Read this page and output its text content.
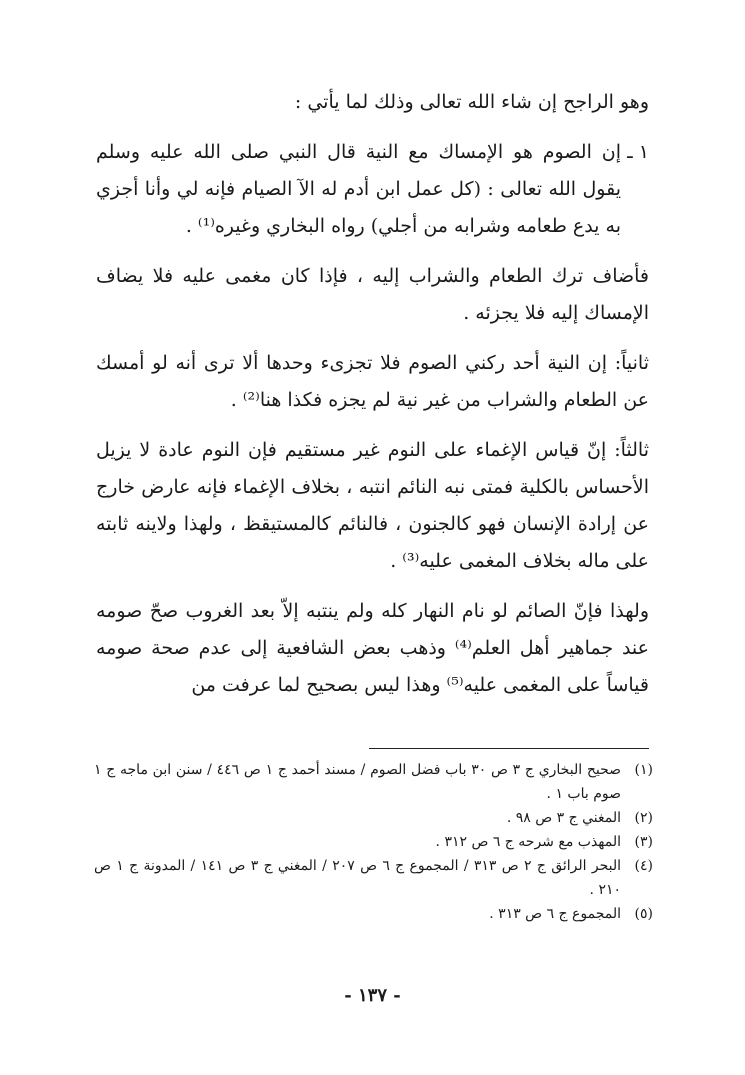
وهو الراجح إن شاء الله تعالى وذلك لما يأتي :

١ ـ
إن الصوم هو الإمساك مع النية قال النبي صلى الله عليه وسلم يقول الله تعالى : (كل عمل ابن أدم له الآ الصيام فإنه لي وأنا أجزي به يدع طعامه وشرابه من أجلي) رواه البخاري وغيره⁽¹⁾ .

فأضاف ترك الطعام والشراب إليه ، فإذا كان مغمى عليه فلا يضاف الإمساك إليه فلا يجزئه .

ثانياً: إن النية أحد ركني الصوم فلا تجزىء وحدها ألا ترى أنه لو أمسك عن الطعام والشراب من غير نية لم يجزه فكذا هنا⁽²⁾ .

ثالثاً: إنّ قياس الإغماء على النوم غير مستقيم فإن النوم عادة لا يزيل الأحساس بالكلية فمتى نبه النائم انتبه ، بخلاف الإغماء فإنه عارض خارج عن إرادة الإنسان فهو كالجنون ، فالنائم كالمستيقظ ، ولهذا ولاينه ثابته على ماله بخلاف المغمى عليه⁽³⁾ .

ولهذا فإنّ الصائم لو نام النهار كله ولم ينتبه إلاّ بعد الغروب صحّ صومه عند جماهير أهل العلم⁽⁴⁾ وذهب بعض الشافعية إلى عدم صحة صومه قياساً على المغمى عليه⁽⁵⁾ وهذا ليس بصحيح لما عرفت من

(١)
صحيح البخاري ج ٣ ص ٣٠ باب فضل الصوم / مسند أحمد ج ١ ص ٤٤٦ / سنن ابن ماجه ج ١ صوم باب ١ .
(٢)
المغني ج ٣ ص ٩٨ .
(٣)
المهذب مع شرحه ج ٦ ص ٣١٢ .
(٤)
البحر الرائق ج ٢ ص ٣١٣ / المجموع ج ٦ ص ٢٠٧ / المغني ج ٣ ص ١٤١ / المدونة ج ١ ص ٢١٠ .
(٥)
المجموع ج ٦ ص ٣١٣ .
- ١٣٧ -
